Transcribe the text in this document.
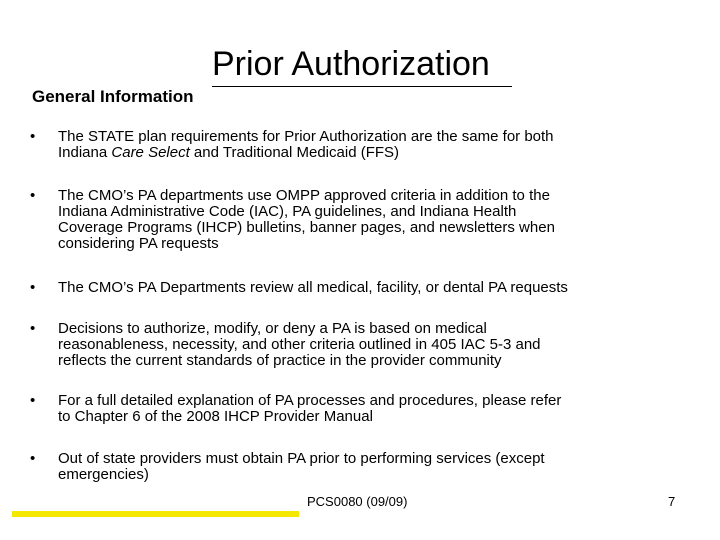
Prior Authorization
General Information
•	The STATE plan requirements for Prior Authorization are the same for both
Indiana Care Select and Traditional Medicaid (FFS)
•	The CMO’s PA departments use OMPP approved criteria in addition to the
Indiana Administrative Code (IAC), PA guidelines, and Indiana Health
Coverage Programs (IHCP) bulletins, banner pages, and newsletters when
considering PA requests
•	The CMO’s PA Departments review all medical, facility, or dental PA requests
•	Decisions to authorize, modify, or deny a PA is based on medical
reasonableness, necessity, and other criteria outlined in 405 IAC 5-3 and
reflects the current standards of practice in the provider community
•	For a full detailed explanation of PA processes and procedures, please refer
to Chapter 6 of the 2008 IHCP Provider Manual
•	Out of state providers must obtain PA prior to performing services (except
emergencies)
PCS0080 (09/09)	7
